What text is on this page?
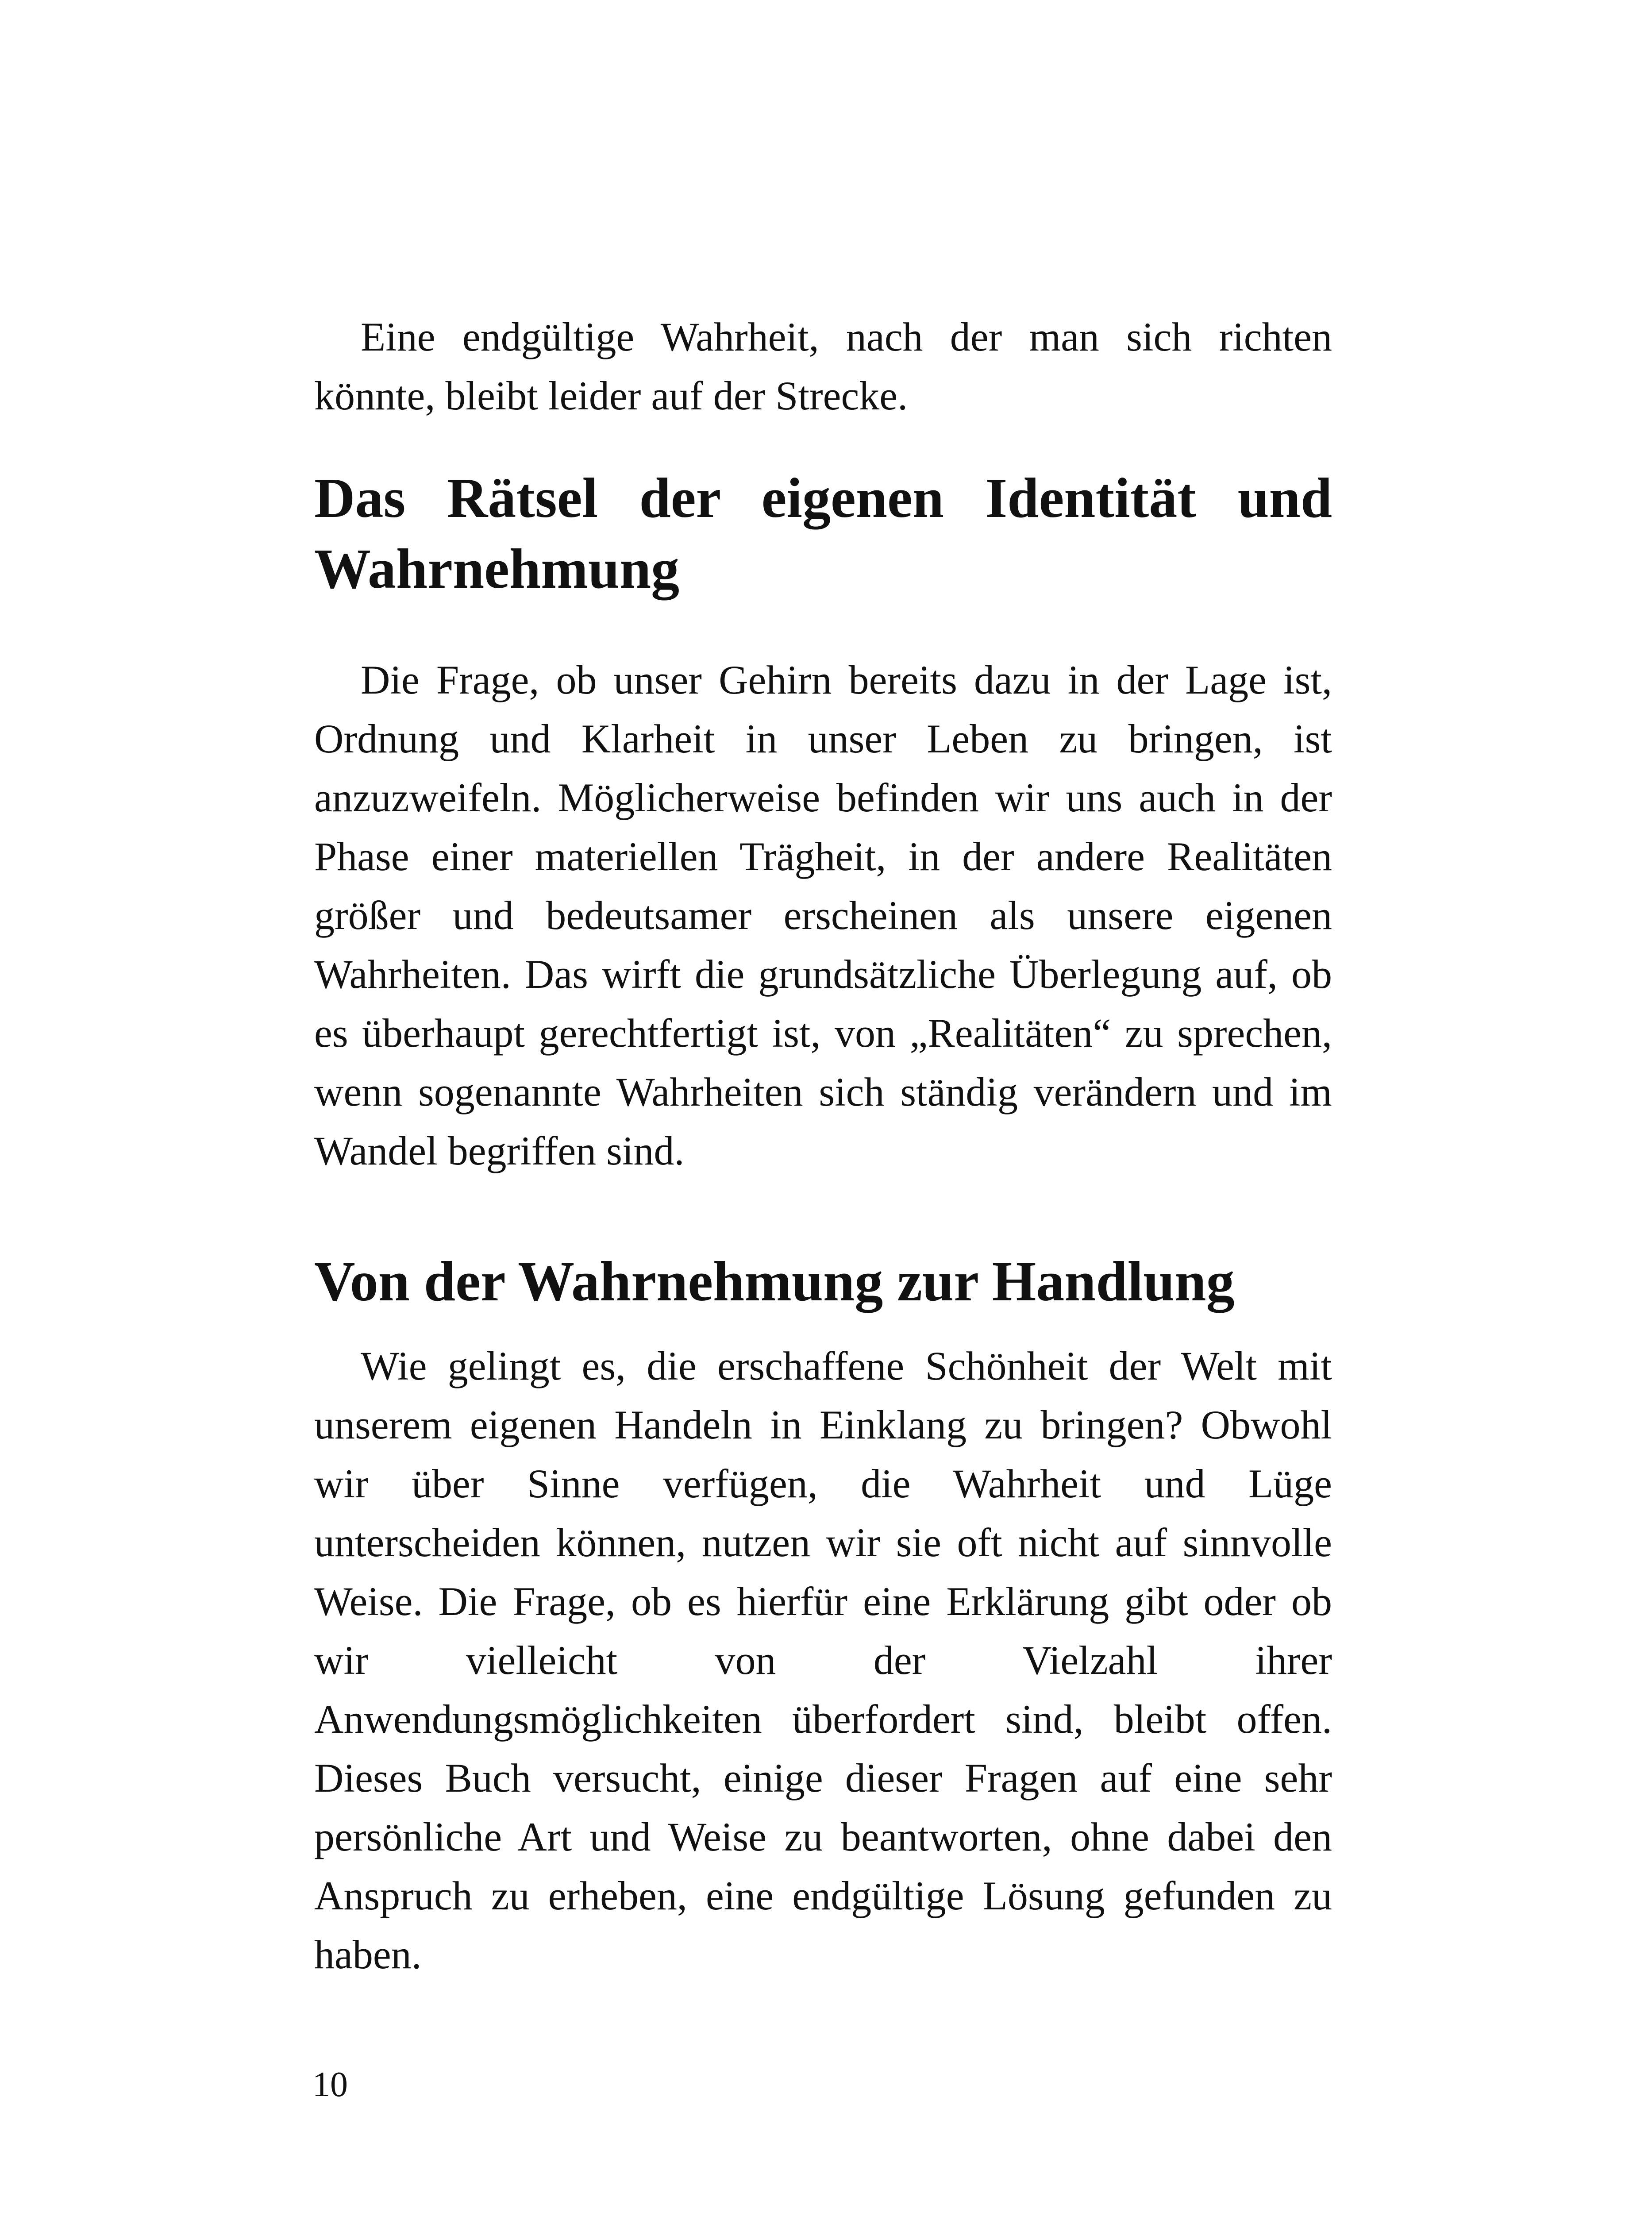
Eine endgültige Wahrheit, nach der man sich richten könnte, bleibt leider auf der Strecke.

Das Rätsel der eigenen Identität und Wahrnehmung

Die Frage, ob unser Gehirn bereits dazu in der Lage ist, Ordnung und Klarheit in unser Leben zu bringen, ist anzuzweifeln. Möglicherweise befinden wir uns auch in der Phase einer materiellen Trägheit, in der andere Realitäten größer und bedeutsamer erscheinen als unsere eigenen Wahrheiten. Das wirft die grundsätzliche Überlegung auf, ob es überhaupt gerechtfertigt ist, von „Realitäten“ zu sprechen, wenn sogenannte Wahrheiten sich ständig verändern und im Wandel begriffen sind.

Von der Wahrnehmung zur Handlung

Wie gelingt es, die erschaffene Schönheit der Welt mit unserem eigenen Handeln in Einklang zu bringen? Obwohl wir über Sinne verfügen, die Wahrheit und Lüge unterscheiden können, nutzen wir sie oft nicht auf sinnvolle Weise. Die Frage, ob es hierfür eine Erklärung gibt oder ob wir vielleicht von der Vielzahl ihrer Anwendungsmöglichkeiten überfordert sind, bleibt offen. Dieses Buch versucht, einige dieser Fragen auf eine sehr persönliche Art und Weise zu beantworten, ohne dabei den Anspruch zu erheben, eine endgültige Lösung gefunden zu haben.

10
